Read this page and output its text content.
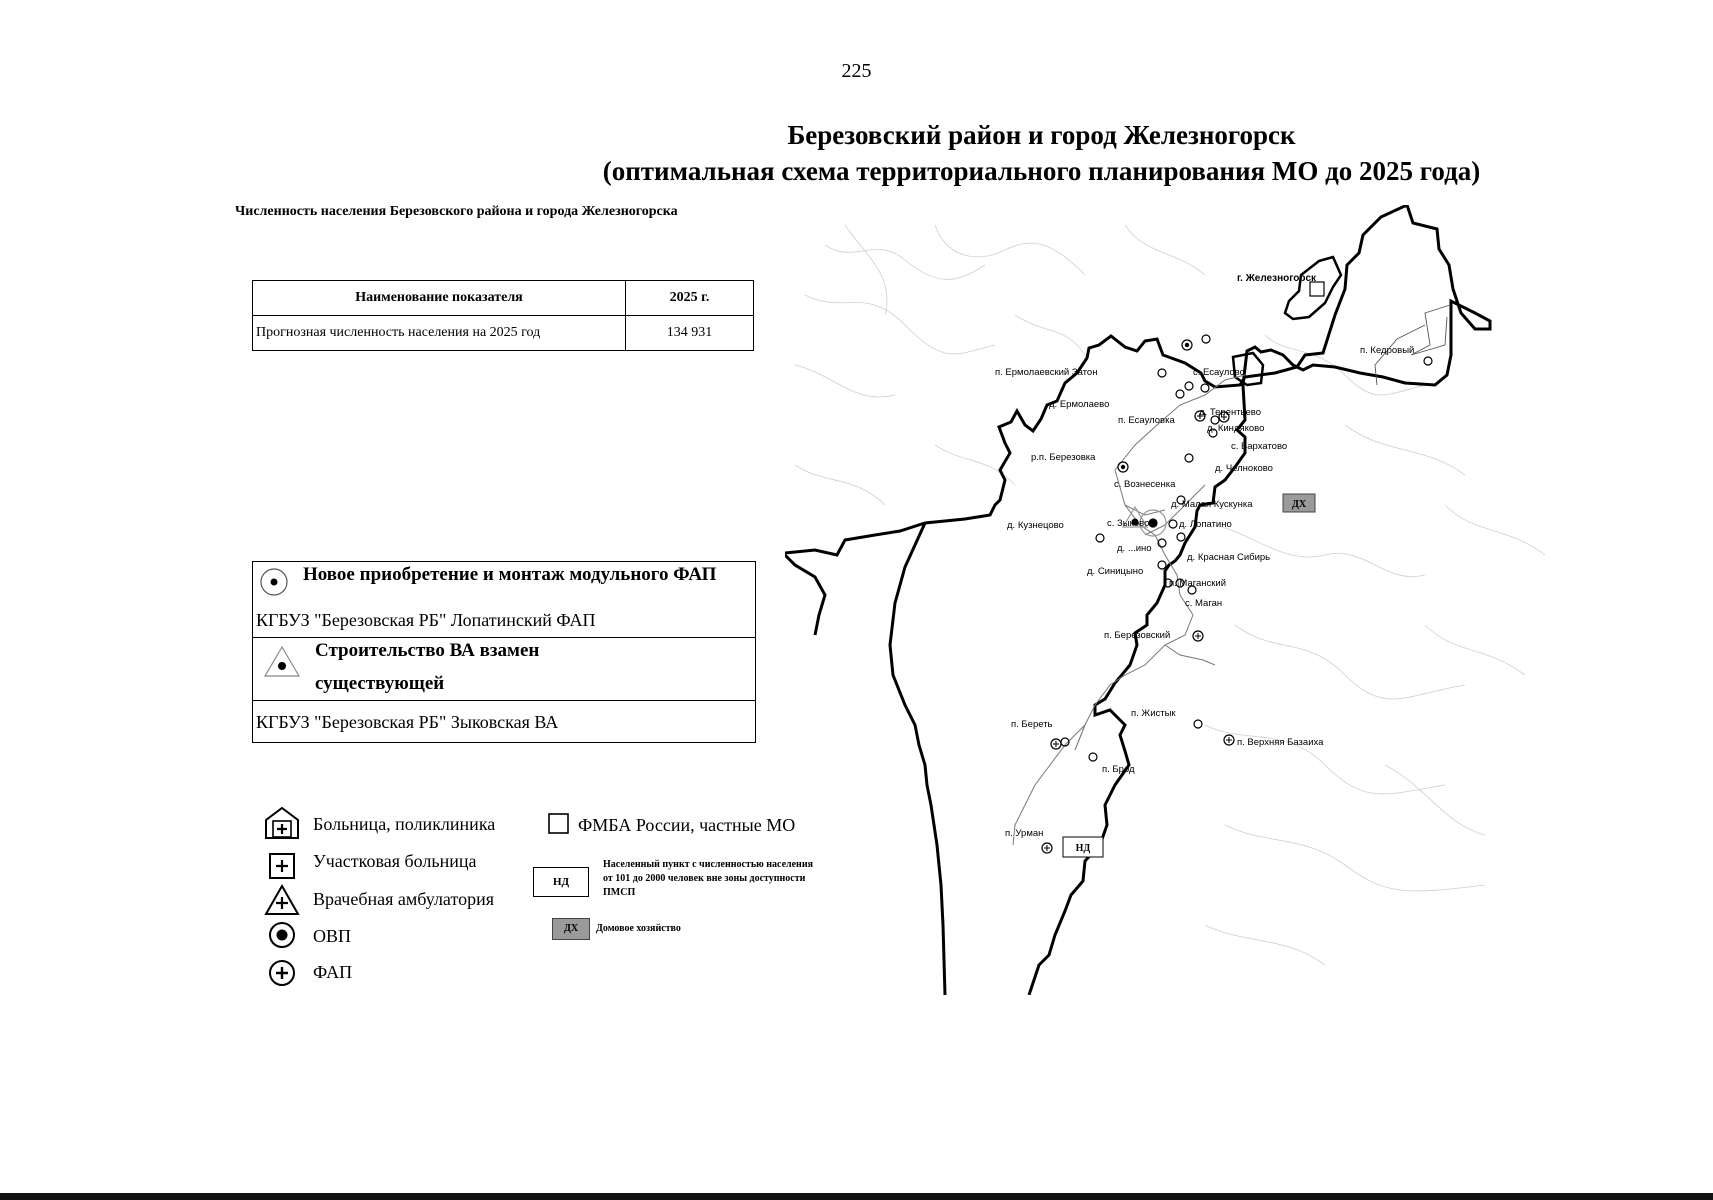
225
Березовский район и город Железногорск
(оптимальная схема территориального планирования МО до 2025 года)
Численность населения Березовского района и города Железногорска
Наименование показателя	2025 г.
Прогнозная численность населения на 2025 год	134 931
Новое приобретение и монтаж модульного ФАП
КГБУЗ "Березовская РБ" Лопатинский ФАП
Строительство ВА взамен
существующей
КГБУЗ "Березовская РБ" Зыковская ВА
Больница, поликлиника
Участковая больница
Врачебная амбулатория
ОВП
ФАП
ФМБА России, частные МО
НД
Населенный пункт с численностью населения от 101 до 2000 человек вне зоны доступности ПМСП
ДХ	Домовое хозяйство
ДХ
НД
г. Железногорск
п. Кедровый
п. Ермолаевский Затон	с. Есаулово
д. Ермолаево
п. Есауловка
д. Терентьево
д. Киндяково
с. Бархатово
р.п. Березовка
д. Челноково
с. Вознесенка
д. Малая Кускунка
д. Кузнецово	с. Зыково	д. Лопатино
д. ...ино
д. Красная Сибирь
д. Синицыно
п. Маганский
с. Маган
п. Березовский
п. Жистык
п. Береть
п. Верхняя Базаиха
п. Брод
п. Урман
